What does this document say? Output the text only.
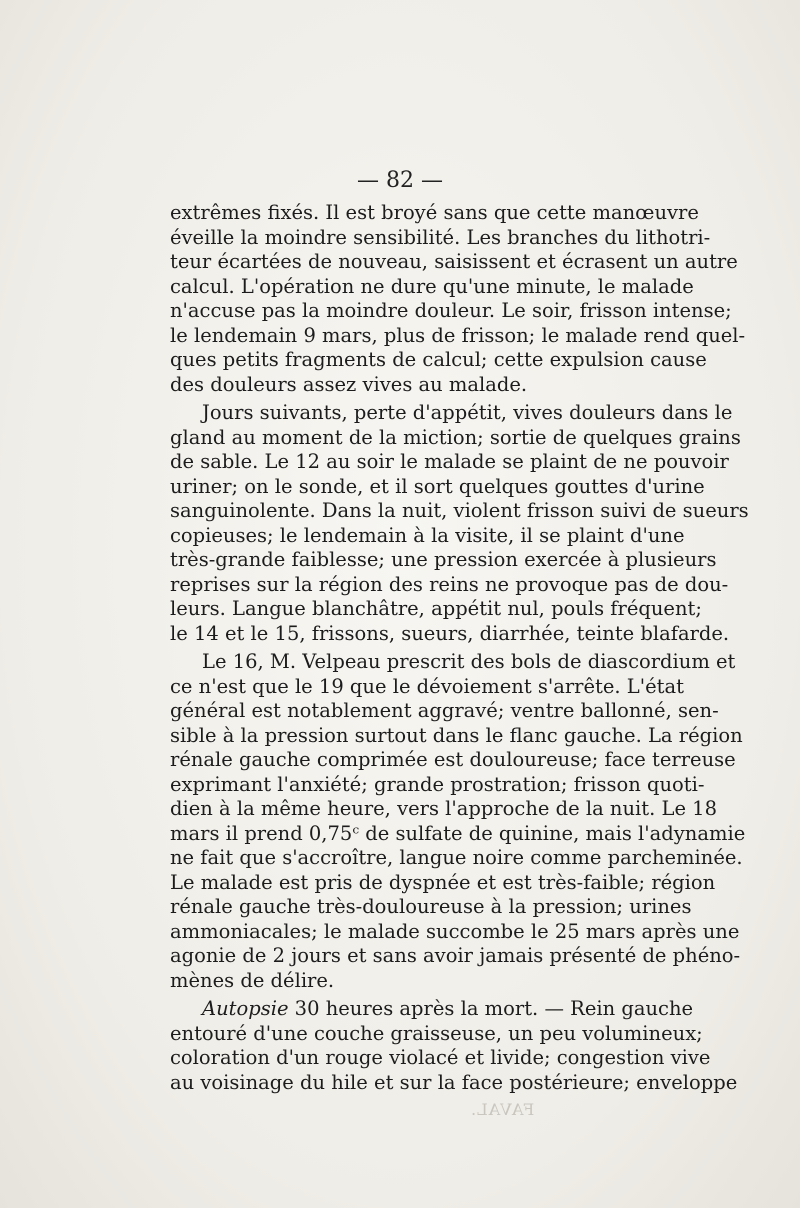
FAVAL.
— 82 —
extrêmes fixés. Il est broyé sans que cette manœuvre
éveille la moindre sensibilité. Les branches du lithotri-
teur écartées de nouveau, saisissent et écrasent un autre
calcul. L'opération ne dure qu'une minute, le malade
n'accuse pas la moindre douleur. Le soir, frisson intense;
le lendemain 9 mars, plus de frisson; le malade rend quel-
ques petits fragments de calcul; cette expulsion cause
des douleurs assez vives au malade.
Jours suivants, perte d'appétit, vives douleurs dans le
gland au moment de la miction; sortie de quelques grains
de sable. Le 12 au soir le malade se plaint de ne pouvoir
uriner; on le sonde, et il sort quelques gouttes d'urine
sanguinolente. Dans la nuit, violent frisson suivi de sueurs
copieuses; le lendemain à la visite, il se plaint d'une
très-grande faiblesse; une pression exercée à plusieurs
reprises sur la région des reins ne provoque pas de dou-
leurs. Langue blanchâtre, appétit nul, pouls fréquent;
le 14 et le 15, frissons, sueurs, diarrhée, teinte blafarde.
Le 16, M. Velpeau prescrit des bols de diascordium et
ce n'est que le 19 que le dévoiement s'arrête. L'état
général est notablement aggravé; ventre ballonné, sen-
sible à la pression surtout dans le flanc gauche. La région
rénale gauche comprimée est douloureuse; face terreuse
exprimant l'anxiété; grande prostration; frisson quoti-
dien à la même heure, vers l'approche de la nuit. Le 18
mars il prend 0,75ᶜ de sulfate de quinine, mais l'adynamie
ne fait que s'accroître, langue noire comme parcheminée.
Le malade est pris de dyspnée et est très-faible; région
rénale gauche très-douloureuse à la pression; urines
ammoniacales; le malade succombe le 25 mars après une
agonie de 2 jours et sans avoir jamais présenté de phéno-
mènes de délire.
Autopsie 30 heures après la mort. — Rein gauche
entouré d'une couche graisseuse, un peu volumineux;
coloration d'un rouge violacé et livide; congestion vive
au voisinage du hile et sur la face postérieure; enveloppe
